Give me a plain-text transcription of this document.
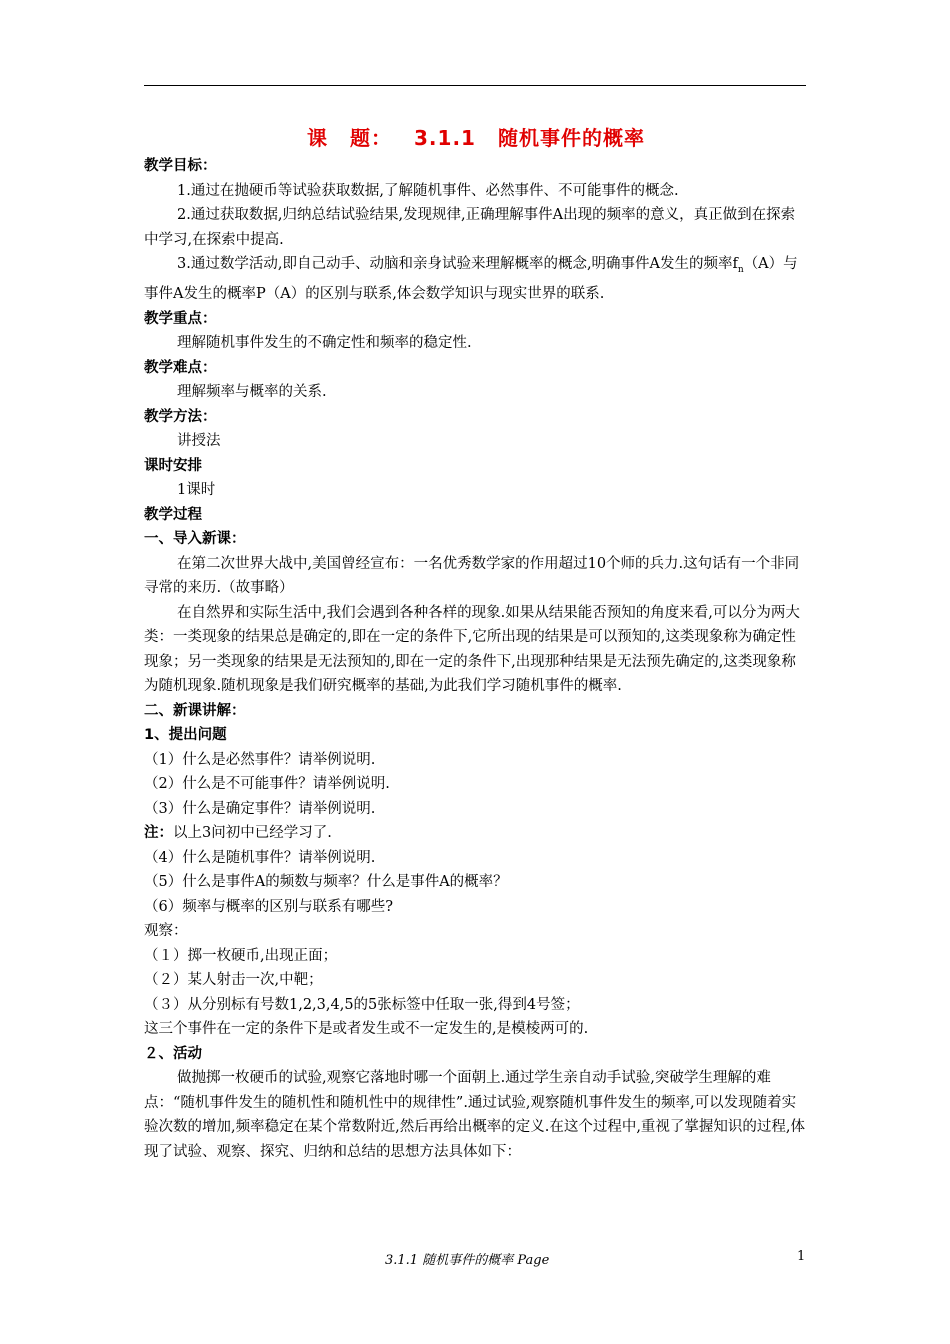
课 题： 3.1.1 随机事件的概率
教学目标：
1.通过在抛硬币等试验获取数据,了解随机事件、必然事件、不可能事件的概念.
2.通过获取数据,归纳总结试验结果,发现规律,正确理解事件A出现的频率的意义，真正做到在探索中学习,在探索中提高.
3.通过数学活动,即自己动手、动脑和亲身试验来理解概率的概念,明确事件A发生的频率$f_n(A)$与事件A发生的概率P（A）的区别与联系,体会数学知识与现实世界的联系.
教学重点：
理解随机事件发生的不确定性和频率的稳定性.
教学难点：
理解频率与概率的关系.
教学方法：
讲授法
课时安排
1课时
教学过程
一、导入新课：
在第二次世界大战中,美国曾经宣布：一名优秀数学家的作用超过10个师的兵力.这句话有一个非同寻常的来历.（故事略）
在自然界和实际生活中,我们会遇到各种各样的现象.如果从结果能否预知的角度来看,可以分为两大类：一类现象的结果总是确定的,即在一定的条件下,它所出现的结果是可以预知的,这类现象称为确定性现象；另一类现象的结果是无法预知的,即在一定的条件下,出现那种结果是无法预先确定的,这类现象称为随机现象.随机现象是我们研究概率的基础,为此我们学习随机事件的概率.
二、新课讲解：
1、提出问题
（1）什么是必然事件？请举例说明.
（2）什么是不可能事件？请举例说明.
（3）什么是确定事件？请举例说明.
注：以上3问初中已经学习了.
（4）什么是随机事件？请举例说明.
（5）什么是事件A的频数与频率？什么是事件A的概率？
（6）频率与概率的区别与联系有哪些?
观察：
（１）掷一枚硬币,出现正面；
（２）某人射击一次,中靶；
（３）从分别标有号数1,2,3,4,5的5张标签中任取一张,得到4号签；
这三个事件在一定的条件下是或者发生或不一定发生的,是模棱两可的.
２、活动
做抛掷一枚硬币的试验,观察它落地时哪一个面朝上.通过学生亲自动手试验,突破学生理解的难点：“随机事件发生的随机性和随机性中的规律性”.通过试验,观察随机事件发生的频率,可以发现随着实验次数的增加,频率稳定在某个常数附近,然后再给出概率的定义.在这个过程中,重视了掌握知识的过程,体现了试验、观察、探究、归纳和总结的思想方法具体如下：
3.1.1 随机事件的概率 Page	1
